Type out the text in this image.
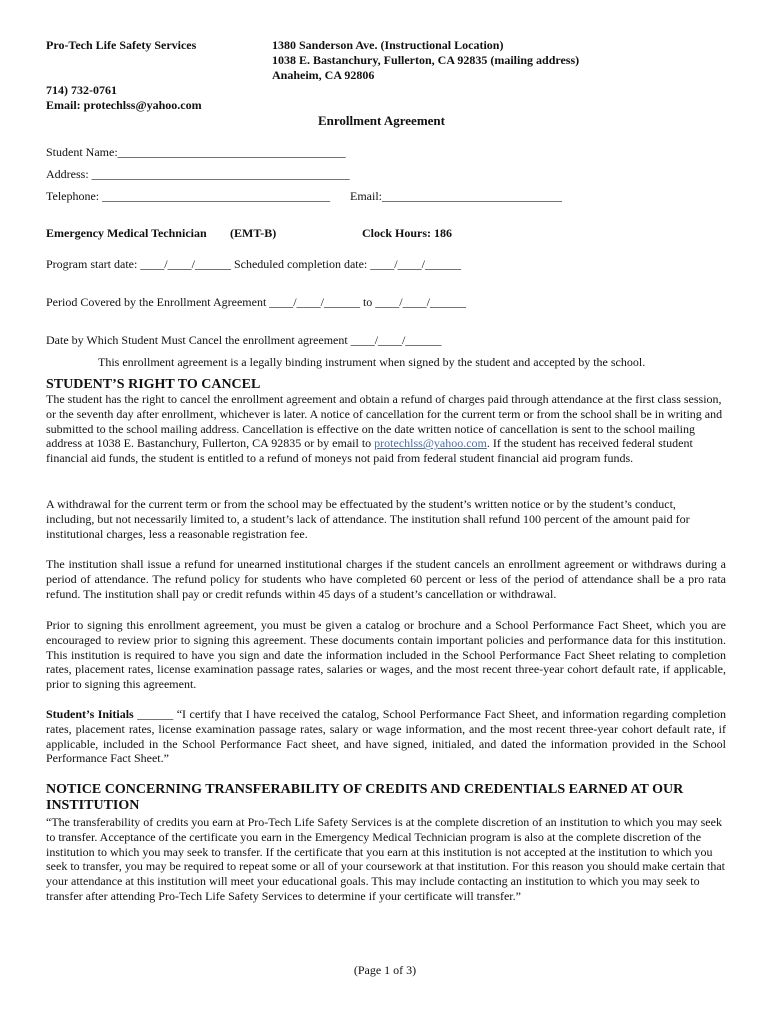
Pro-Tech Life Safety Services	1380 Sanderson Ave. (Instructional Location)
1038 E. Bastanchury, Fullerton, CA 92835 (mailing address)
Anaheim, CA 92806
714) 732-0761
Email: protechlss@yahoo.com
Enrollment Agreement
Student Name:______________________________________
Address: ___________________________________________
Telephone: ______________________________________ Email:______________________________
Emergency Medical Technician (EMT-B)	Clock Hours: 186
Program start date: ____/____/______ Scheduled completion date: ____/____/______
Period Covered by the Enrollment Agreement ____/____/______ to ____/____/______
Date by Which Student Must Cancel the enrollment agreement ____/____/______
This enrollment agreement is a legally binding instrument when signed by the student and accepted by the school.
STUDENT’S RIGHT TO CANCEL
The student has the right to cancel the enrollment agreement and obtain a refund of charges paid through attendance at the first class session, or the seventh day after enrollment, whichever is later. A notice of cancellation for the current term or from the school shall be in writing and submitted to the school mailing address. Cancellation is effective on the date written notice of cancellation is sent to the school mailing address at 1038 E. Bastanchury, Fullerton, CA 92835 or by email to protechlss@yahoo.com. If the student has received federal student financial aid funds, the student is entitled to a refund of moneys not paid from federal student financial aid program funds.
A withdrawal for the current term or from the school may be effectuated by the student’s written notice or by the student’s conduct, including, but not necessarily limited to, a student’s lack of attendance. The institution shall refund 100 percent of the amount paid for institutional charges, less a reasonable registration fee.
The institution shall issue a refund for unearned institutional charges if the student cancels an enrollment agreement or withdraws during a period of attendance. The refund policy for students who have completed 60 percent or less of the period of attendance shall be a pro rata refund. The institution shall pay or credit refunds within 45 days of a student’s cancellation or withdrawal.
Prior to signing this enrollment agreement, you must be given a catalog or brochure and a School Performance Fact Sheet, which you are encouraged to review prior to signing this agreement. These documents contain important policies and performance data for this institution. This institution is required to have you sign and date the information included in the School Performance Fact Sheet relating to completion rates, placement rates, license examination passage rates, salaries or wages, and the most recent three-year cohort default rate, if applicable, prior to signing this agreement.
Student’s Initials ______ “I certify that I have received the catalog, School Performance Fact Sheet, and information regarding completion rates, placement rates, license examination passage rates, salary or wage information, and the most recent three-year cohort default rate, if applicable, included in the School Performance Fact sheet, and have signed, initialed, and dated the information provided in the School Performance Fact Sheet.”
NOTICE CONCERNING TRANSFERABILITY OF CREDITS AND CREDENTIALS EARNED AT OUR INSTITUTION
“The transferability of credits you earn at Pro-Tech Life Safety Services is at the complete discretion of an institution to which you may seek to transfer. Acceptance of the certificate you earn in the Emergency Medical Technician program is also at the complete discretion of the institution to which you may seek to transfer. If the certificate that you earn at this institution is not accepted at the institution to which you seek to transfer, you may be required to repeat some or all of your coursework at that institution. For this reason you should make certain that your attendance at this institution will meet your educational goals. This may include contacting an institution to which you may seek to transfer after attending Pro-Tech Life Safety Services to determine if your certificate will transfer.”
(Page 1 of 3)
